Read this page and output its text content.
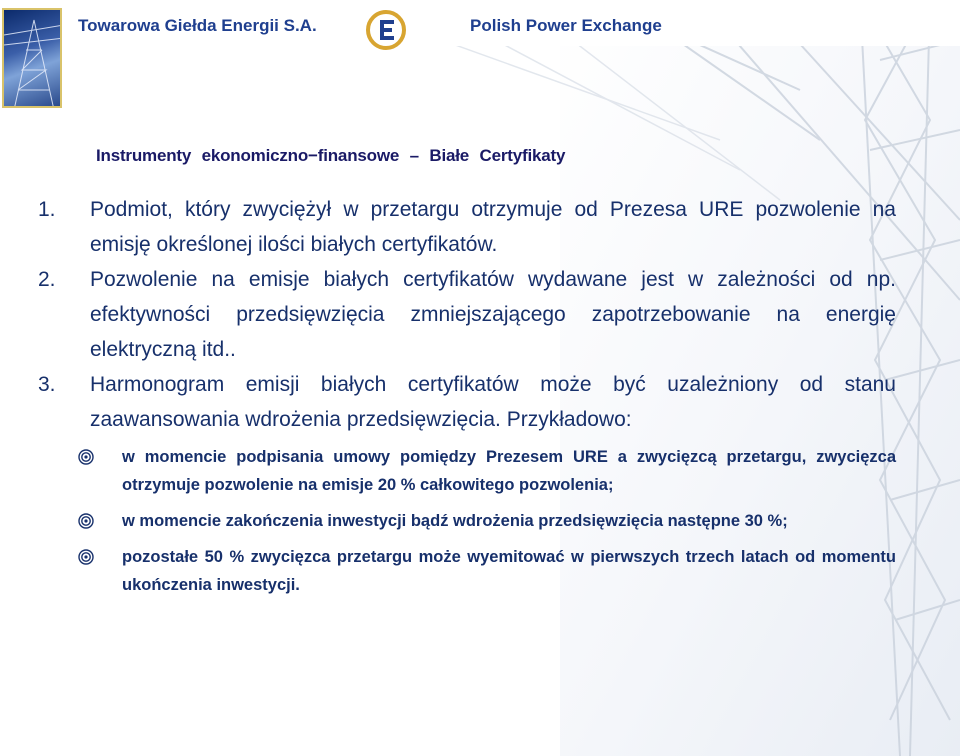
Towarowa Giełda Energii S.A.	Polish Power Exchange
Instrumenty ekonomiczno−finansowe – Białe Certyfikaty
1. Podmiot, który zwyciężył w przetargu otrzymuje od Prezesa URE pozwolenie na emisję określonej ilości białych certyfikatów.
2. Pozwolenie na emisje białych certyfikatów wydawane jest w zależności od np. efektywności przedsięwzięcia zmniejszającego zapotrzebowanie na energię elektryczną itd..
3. Harmonogram emisji białych certyfikatów może być uzależniony od stanu zaawansowania wdrożenia przedsięwzięcia. Przykładowo:
w momencie podpisania umowy pomiędzy Prezesem URE a zwycięzcą przetargu, zwycięzca otrzymuje pozwolenie na emisje 20 % całkowitego pozwolenia;
w momencie zakończenia inwestycji bądź wdrożenia przedsięwzięcia następne 30 %;
pozostałe 50 % zwycięzca przetargu może wyemitować w pierwszych trzech latach od momentu ukończenia inwestycji.
